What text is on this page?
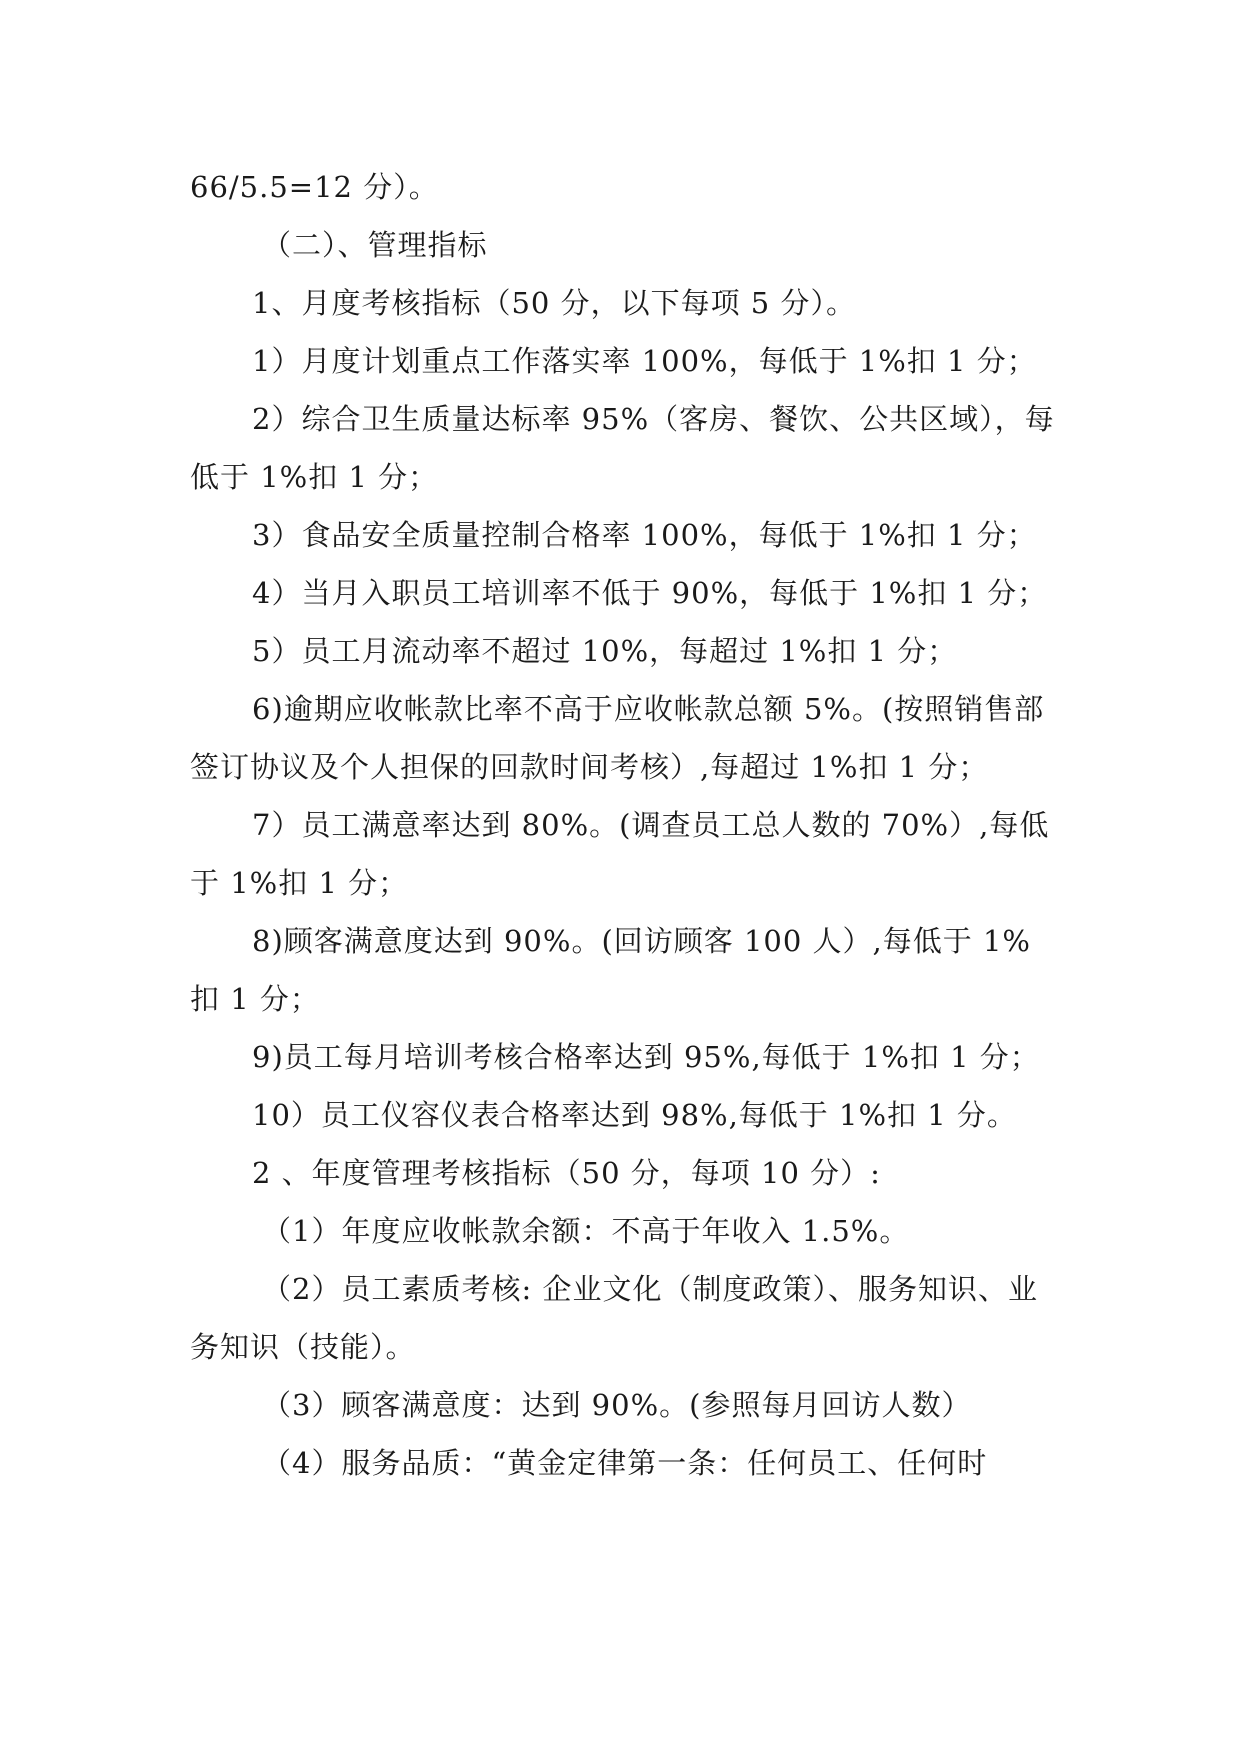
66/5.5=12 分）。

（二）、管理指标

1、月度考核指标（50 分，以下每项 5 分）。

1）月度计划重点工作落实率 100%，每低于 1%扣 1 分；

2）综合卫生质量达标率 95%（客房、餐饮、公共区域），每低于 1%扣 1 分；

3）食品安全质量控制合格率 100%，每低于 1%扣 1 分；

4）当月入职员工培训率不低于 90%，每低于 1%扣 1 分；

5）员工月流动率不超过 10%，每超过 1%扣 1 分；

6)逾期应收帐款比率不高于应收帐款总额 5%。(按照销售部签订协议及个人担保的回款时间考核）,每超过 1%扣 1 分；

7）员工满意率达到 80%。(调查员工总人数的 70%）,每低于 1%扣 1 分；

8)顾客满意度达到 90%。(回访顾客 100 人）,每低于 1%扣 1 分；

9)员工每月培训考核合格率达到 95%,每低于 1%扣 1 分；

10）员工仪容仪表合格率达到 98%,每低于 1%扣 1 分。

2 、年度管理考核指标（50 分，每项 10 分）:

（1）年度应收帐款余额：不高于年收入 1.5%。

（2）员工素质考核: 企业文化（制度政策）、服务知识、业务知识（技能）。

（3）顾客满意度：达到 90%。(参照每月回访人数）

（4）服务品质：“黄金定律第一条：任何员工、任何时
